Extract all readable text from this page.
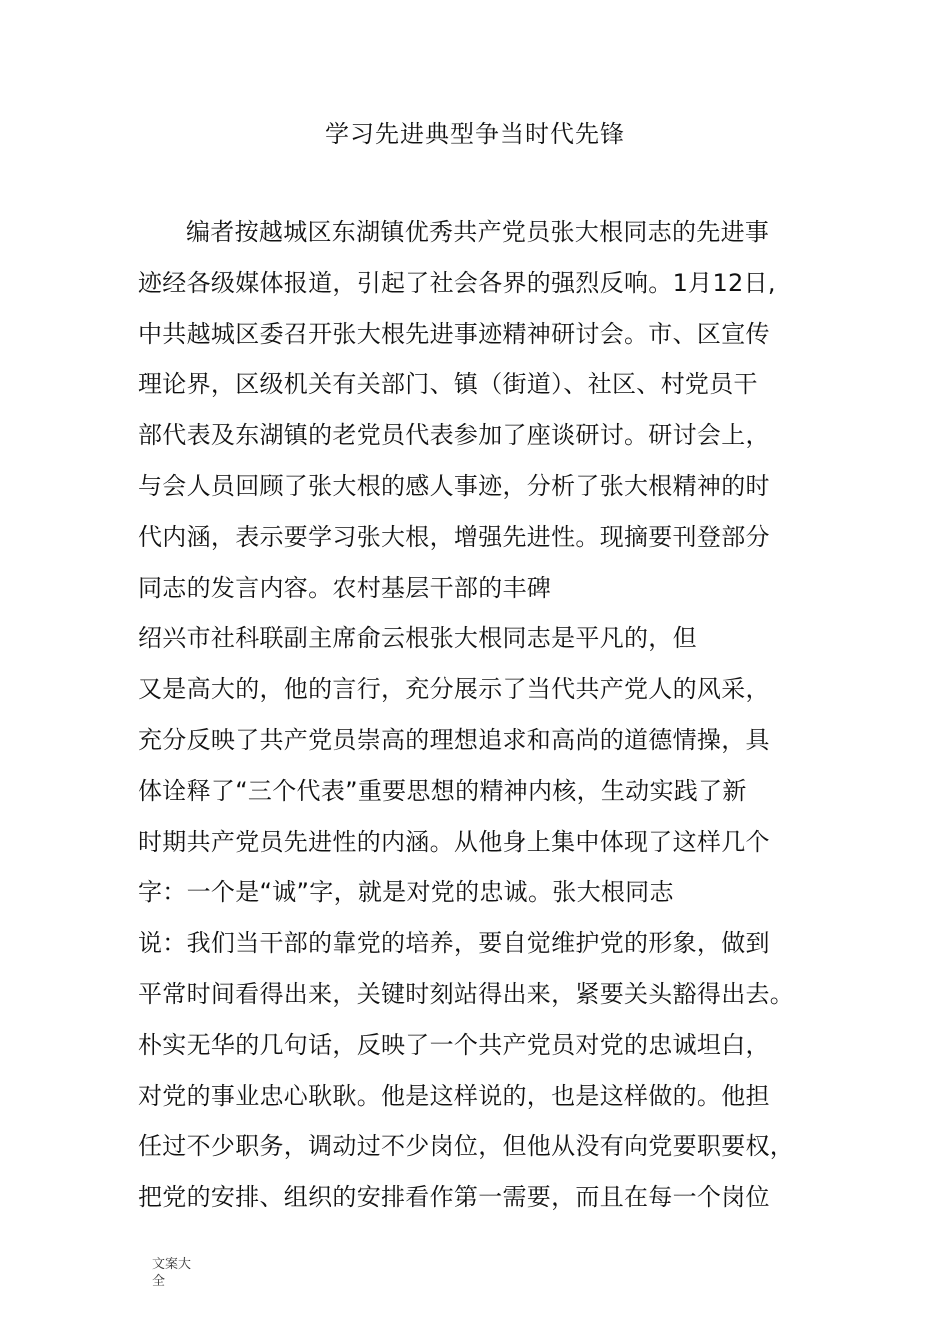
学习先进典型争当时代先锋
编者按越城区东湖镇优秀共产党员张大根同志的先进事
迹经各级媒体报道，引起了社会各界的强烈反响。1月12日,
中共越城区委召开张大根先进事迹精神研讨会。市、区宣传
理论界，区级机关有关部门、镇（街道）、社区、村党员干
部代表及东湖镇的老党员代表参加了座谈研讨。研讨会上，
与会人员回顾了张大根的感人事迹，分析了张大根精神的时
代内涵，表示要学习张大根，增强先进性。现摘要刊登部分
同志的发言内容。农村基层干部的丰碑
绍兴市社科联副主席俞云根张大根同志是平凡的，但
又是高大的，他的言行，充分展示了当代共产党人的风采，
充分反映了共产党员崇高的理想追求和高尚的道德情操，具
体诠释了“三个代表”重要思想的精神内核，生动实践了新
时期共产党员先进性的内涵。从他身上集中体现了这样几个
字：一个是“诚”字，就是对党的忠诚。张大根同志
说：我们当干部的靠党的培养，要自觉维护党的形象，做到
平常时间看得出来，关键时刻站得出来，紧要关头豁得出去。
朴实无华的几句话，反映了一个共产党员对党的忠诚坦白，
对党的事业忠心耿耿。他是这样说的，也是这样做的。他担
任过不少职务，调动过不少岗位，但他从没有向党要职要权，
把党的安排、组织的安排看作第一需要，而且在每一个岗位
文案大全
